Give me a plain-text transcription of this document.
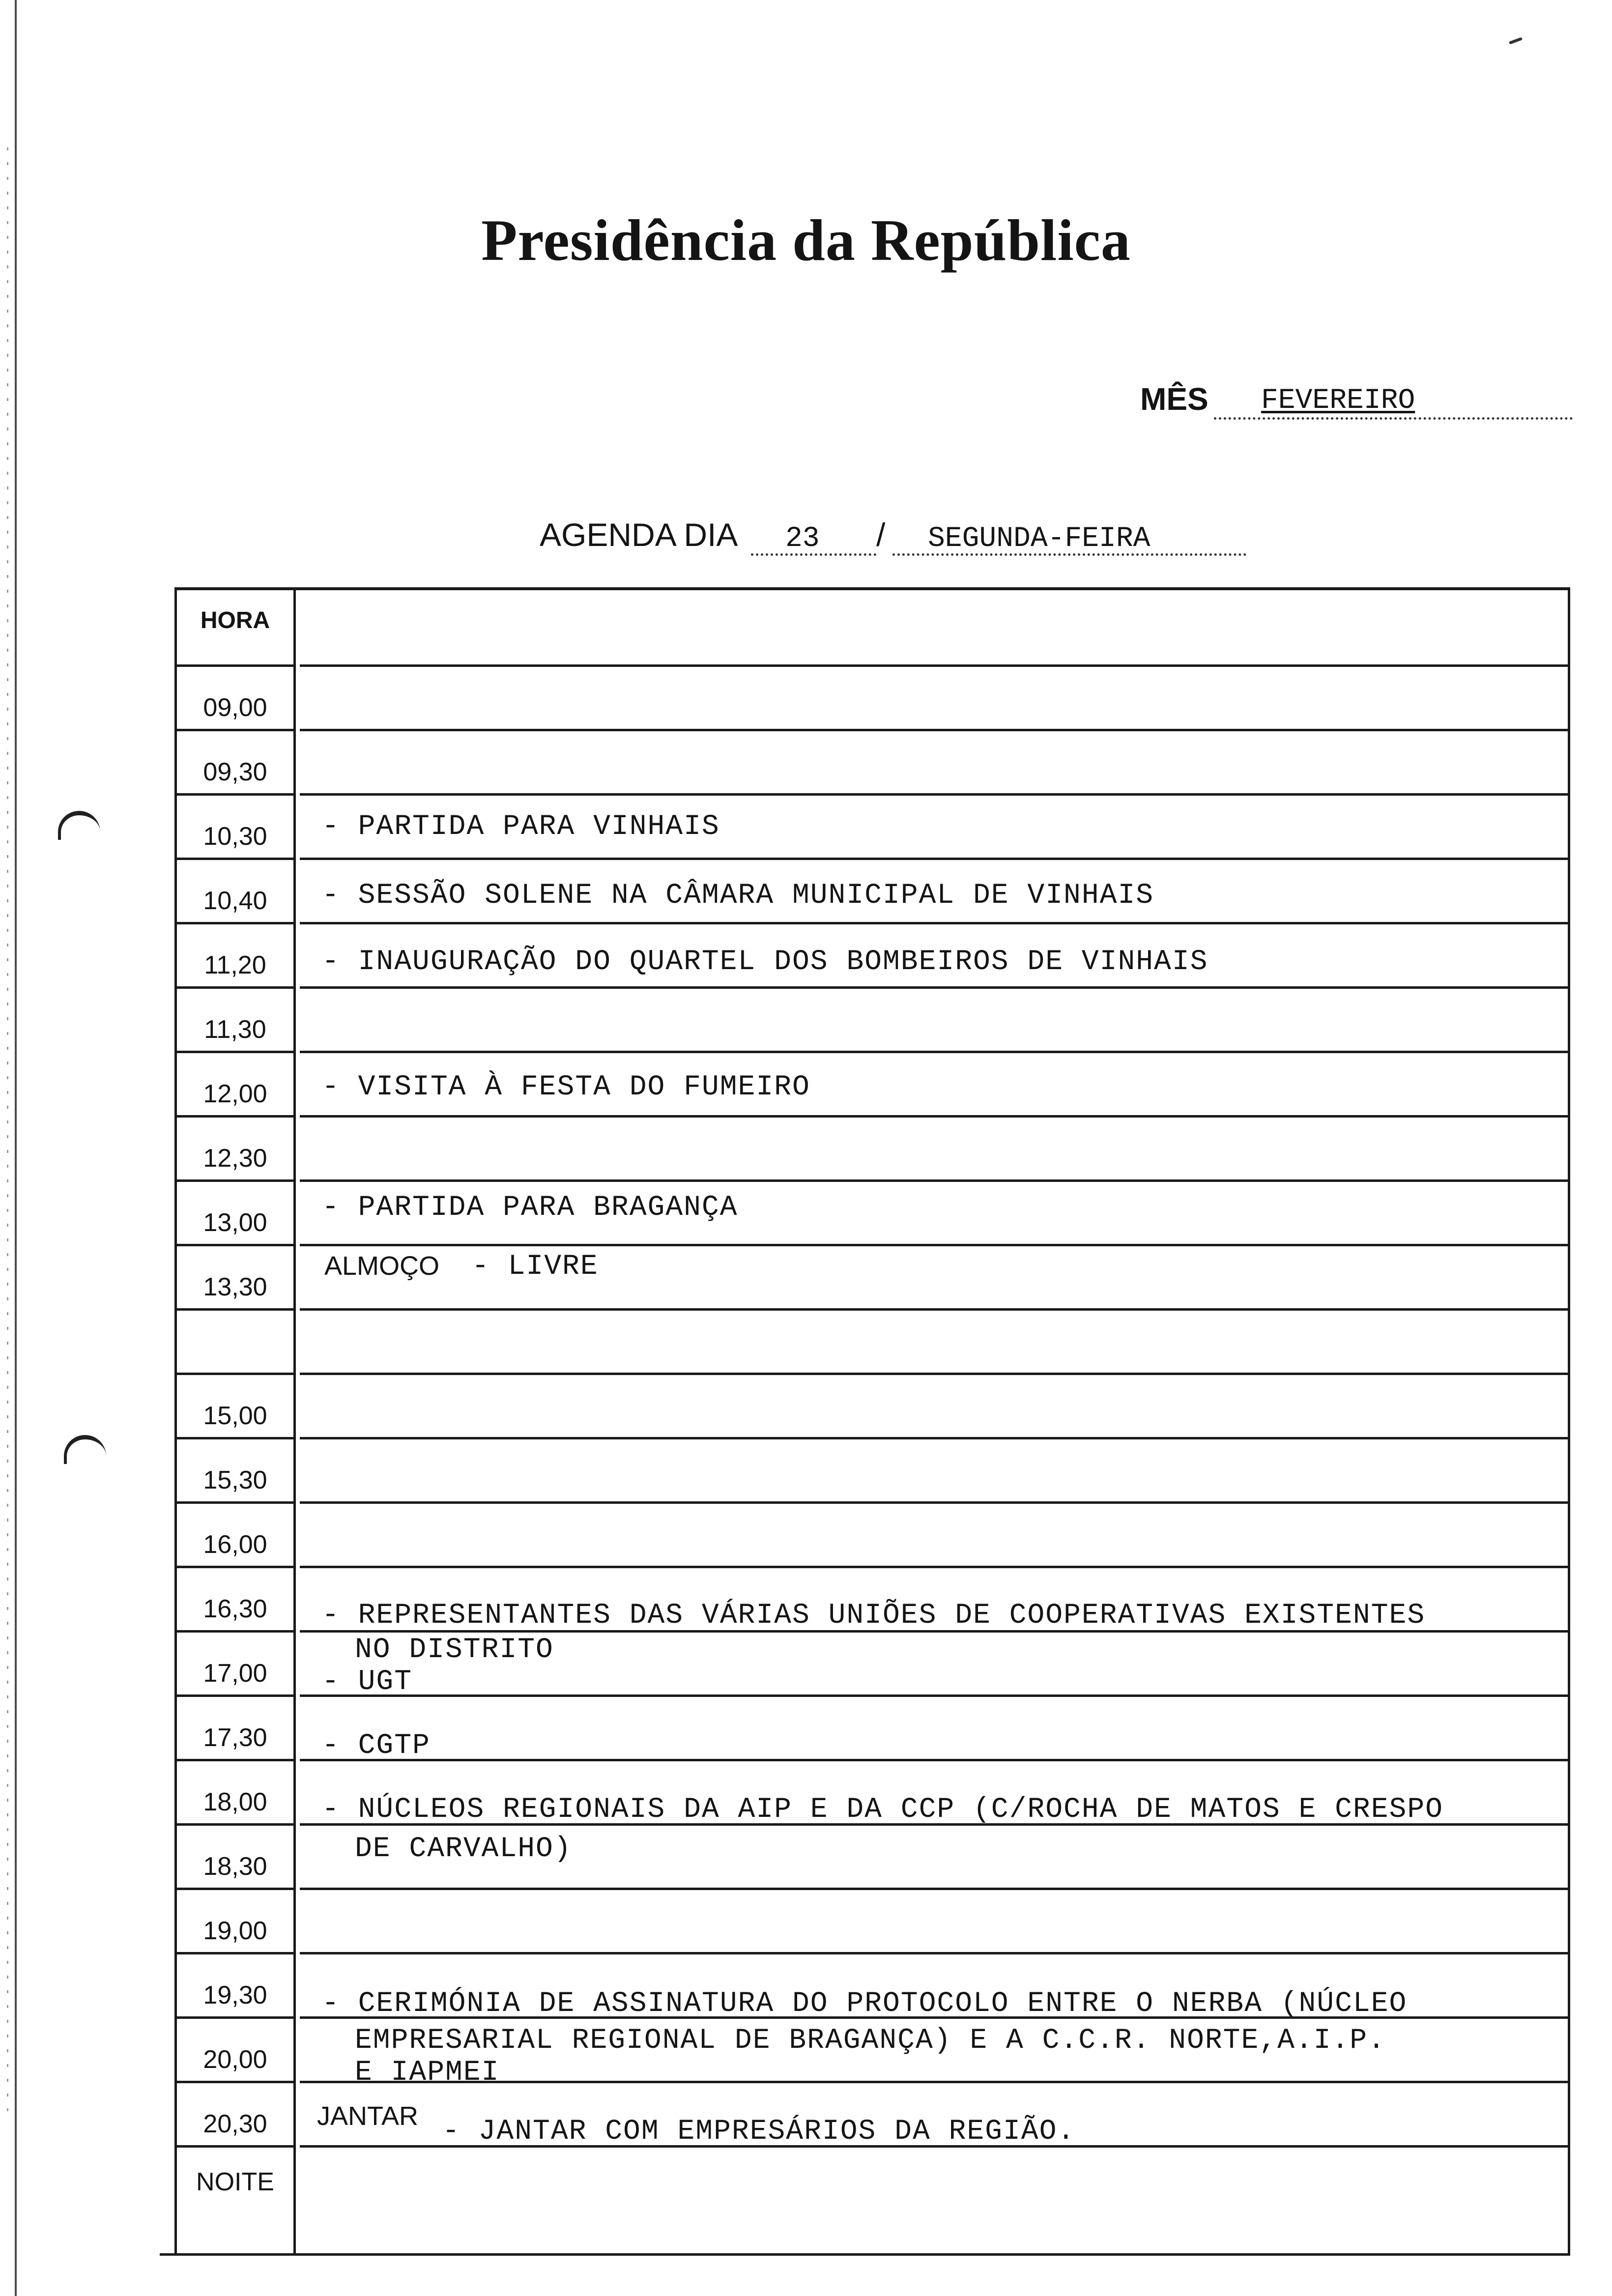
Presidência da República
MÊS FEVEREIRO
AGENDA DIA 23 / SEGUNDA-FEIRA
HORA
09,00
09,30
10,30
10,40
11,20
11,30
12,00
12,30
13,00
13,30
15,00
15,30
16,00
16,30
17,00
17,30
18,00
18,30
19,00
19,30
20,00
20,30
NOITE
- PARTIDA PARA VINHAIS
- SESSÃO SOLENE NA CÂMARA MUNICIPAL DE VINHAIS
- INAUGURAÇÃO DO QUARTEL DOS BOMBEIROS DE VINHAIS
- VISITA À FESTA DO FUMEIRO
- PARTIDA PARA BRAGANÇA
ALMOÇO - LIVRE
- REPRESENTANTES DAS VÁRIAS UNIÕES DE COOPERATIVAS EXISTENTES
NO DISTRITO
- UGT
- CGTP
- NÚCLEOS REGIONAIS DA AIP E DA CCP (C/ROCHA DE MATOS E CRESPO
DE CARVALHO)
- CERIMÓNIA DE ASSINATURA DO PROTOCOLO ENTRE O NERBA (NÚCLEO
EMPRESARIAL REGIONAL DE BRAGANÇA) E A C.C.R. NORTE,A.I.P.
E IAPMEI
JANTAR - JANTAR COM EMPRESÁRIOS DA REGIÃO.
